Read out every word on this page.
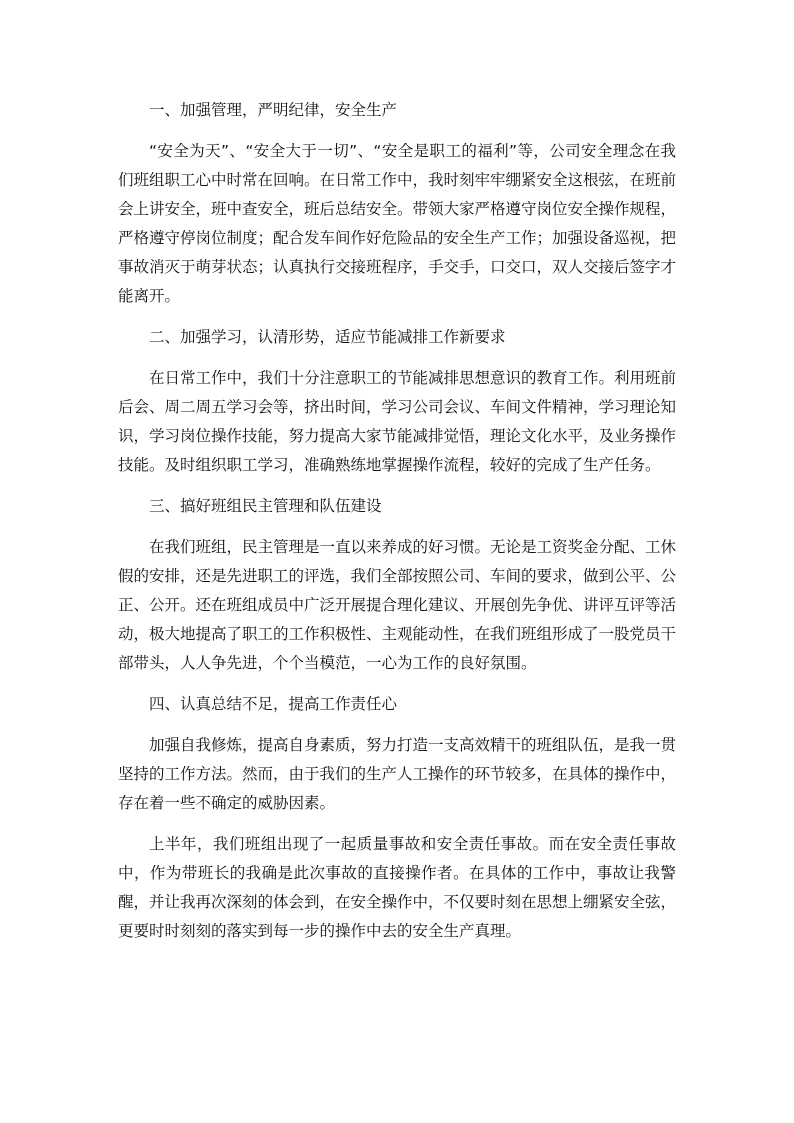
一、加强管理，严明纪律，安全生产

“安全为天”、“安全大于一切”、“安全是职工的福利”等，公司安全理念在我们班组职工心中时常在回响。在日常工作中，我时刻牢牢绷紧安全这根弦，在班前会上讲安全，班中查安全，班后总结安全。带领大家严格遵守岗位安全操作规程，严格遵守停岗位制度；配合发车间作好危险品的安全生产工作；加强设备巡视，把事故消灭于萌芽状态；认真执行交接班程序，手交手，口交口，双人交接后签字才能离开。

二、加强学习，认清形势，适应节能减排工作新要求

在日常工作中，我们十分注意职工的节能减排思想意识的教育工作。利用班前后会、周二周五学习会等，挤出时间，学习公司会议、车间文件精神，学习理论知识，学习岗位操作技能，努力提高大家节能减排觉悟，理论文化水平，及业务操作技能。及时组织职工学习，准确熟练地掌握操作流程，较好的完成了生产任务。

三、搞好班组民主管理和队伍建设

在我们班组，民主管理是一直以来养成的好习惯。无论是工资奖金分配、工休假的安排，还是先进职工的评选，我们全部按照公司、车间的要求，做到公平、公正、公开。还在班组成员中广泛开展提合理化建议、开展创先争优、讲评互评等活动，极大地提高了职工的工作积极性、主观能动性，在我们班组形成了一股党员干部带头，人人争先进，个个当模范，一心为工作的良好氛围。

四、认真总结不足，提高工作责任心

加强自我修炼，提高自身素质，努力打造一支高效精干的班组队伍，是我一贯坚持的工作方法。然而，由于我们的生产人工操作的环节较多，在具体的操作中，存在着一些不确定的威胁因素。

上半年，我们班组出现了一起质量事故和安全责任事故。而在安全责任事故中，作为带班长的我确是此次事故的直接操作者。在具体的工作中，事故让我警醒，并让我再次深刻的体会到，在安全操作中，不仅要时刻在思想上绷紧安全弦，更要时时刻刻的落实到每一步的操作中去的安全生产真理。
